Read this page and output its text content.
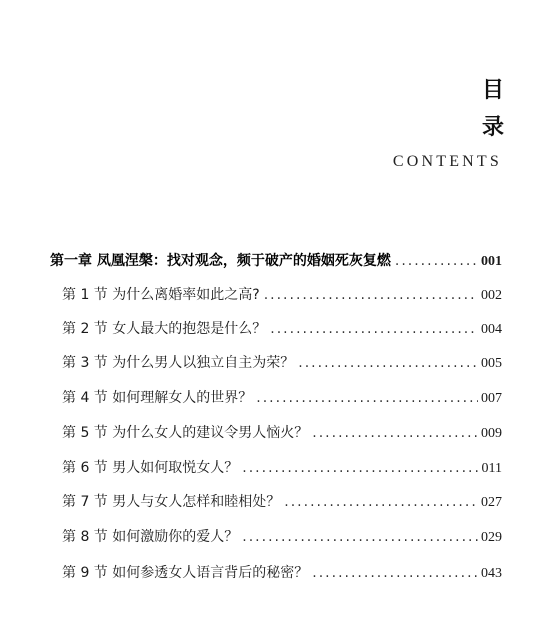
目
录
CONTENTS
第一章 凤凰涅槃：找对观念，频于破产的婚姻死灰复燃 .....	001
第 1 节 为什么离婚率如此之高? .....	002
第 2 节 女人最大的抱怨是什么？ .....	004
第 3 节 为什么男人以独立自主为荣？ .....	005
第 4 节 如何理解女人的世界？ .....	007
第 5 节 为什么女人的建议令男人恼火？ .....	009
第 6 节 男人如何取悦女人？ .....	011
第 7 节 男人与女人怎样和睦相处？ .....	027
第 8 节 如何激励你的爱人？ .....	029
第 9 节 如何参透女人语言背后的秘密？ .....	043
